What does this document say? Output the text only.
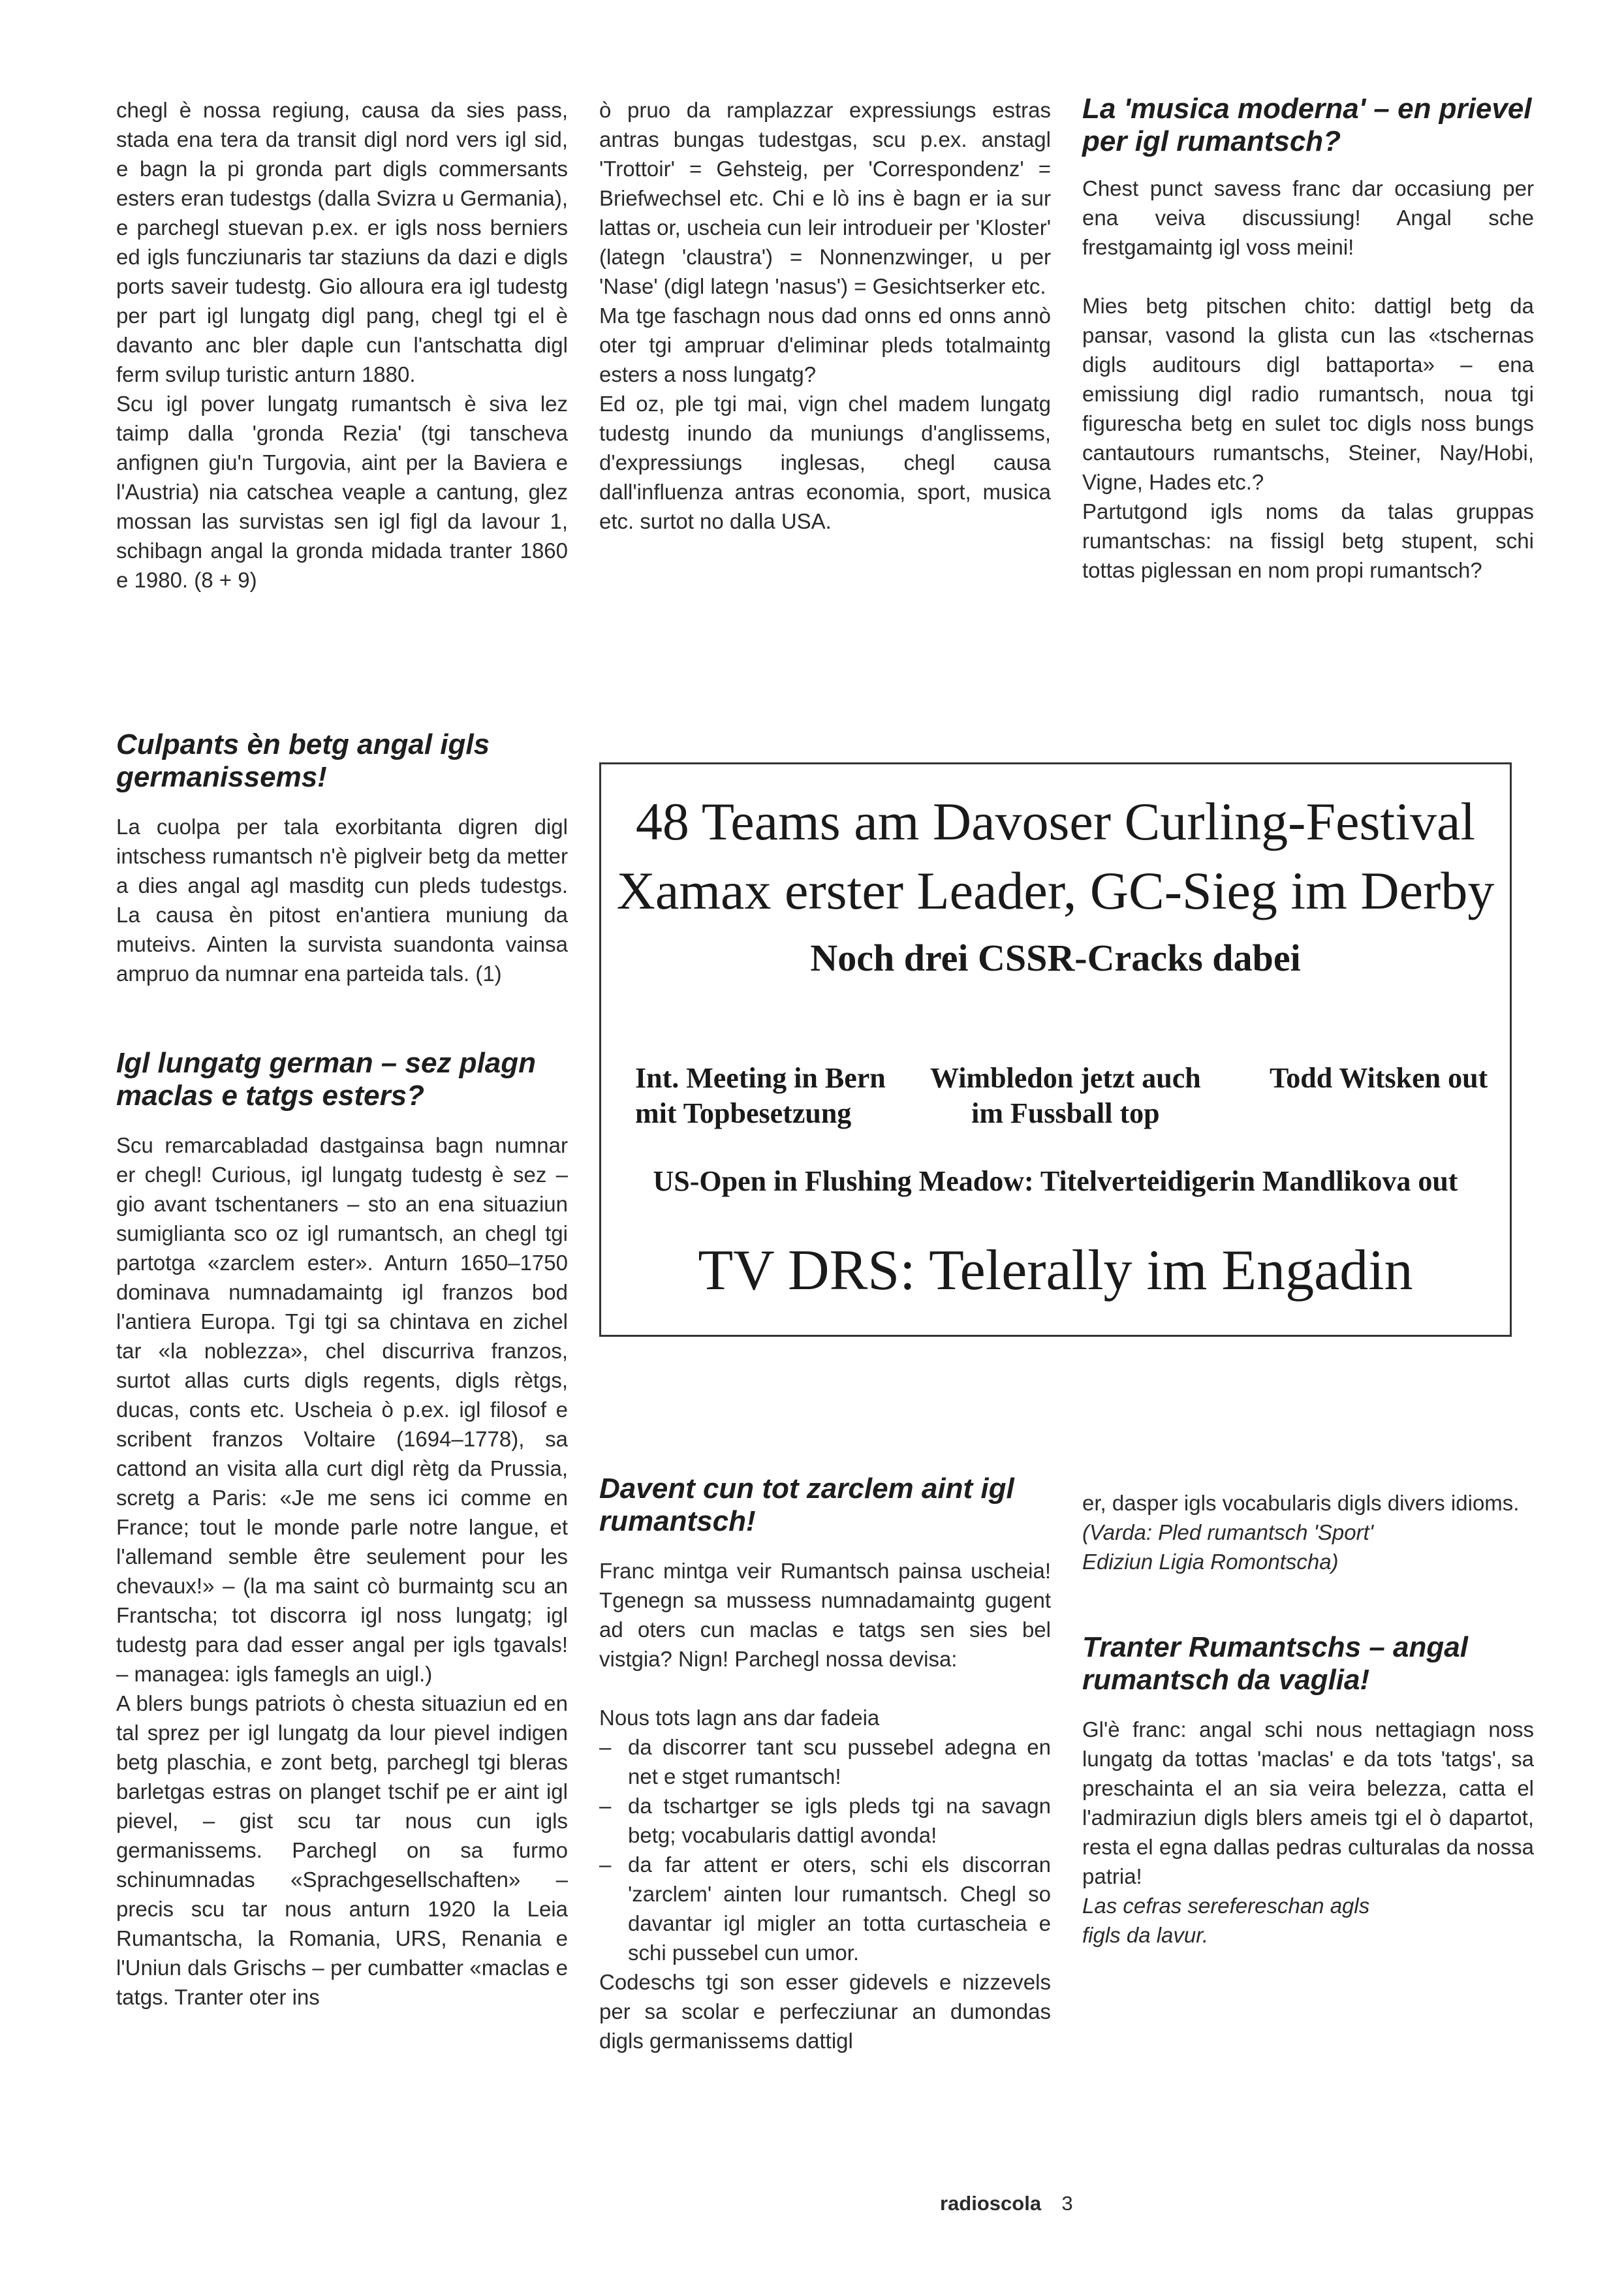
chegl è nossa regiung, causa da sies pass, stada ena tera da transit digl nord vers igl sid, e bagn la pi gronda part digls commersants esters eran tudestgs (dalla Svizra u Germania), e parchegl stuevan p.ex. er igls noss berniers ed igls funcziunaris tar staziuns da dazi e digls ports saveir tudestg. Gio alloura era igl tudestg per part igl lungatg digl pang, chegl tgi el è davanto anc bler daple cun l'antschatta digl ferm svilup turistic anturn 1880.

Scu igl pover lungatg rumantsch è siva lez taimp dalla 'gronda Rezia' (tgi tanscheva anfignen giu'n Turgovia, aint per la Baviera e l'Austria) nia catschea veaple a cantung, glez mossan las survistas sen igl figl da lavour 1, schibagn angal la gronda midada tranter 1860 e 1980. (8 + 9)

ò pruo da ramplazzar expressiungs estras antras bungas tudestgas, scu p.ex. anstagl 'Trottoir' = Gehsteig, per 'Correspondenz' = Briefwechsel etc. Chi e lò ins è bagn er ia sur lattas or, uscheia cun leir introdueir per 'Kloster' (lategn 'claustra') = Nonnenzwinger, u per 'Nase' (digl lategn 'nasus') = Gesichtserker etc.

Ma tge faschagn nous dad onns ed onns annò oter tgi ampruar d'eliminar pleds totalmaintg esters a noss lungatg?

Ed oz, ple tgi mai, vign chel madem lungatg tudestg inundo da muniungs d'anglissems, d'expressiungs inglesas, chegl causa dall'influenza antras economia, sport, musica etc. surtot no dalla USA.

La 'musica moderna' – en prievel per igl rumantsch?

Chest punct savess franc dar occasiung per ena veiva discussiung! Angal sche frestgamaintg igl voss meini!

Mies betg pitschen chito: dattigl betg da pansar, vasond la glista cun las «tschernas digls auditours digl battaporta» – ena emissiung digl radio rumantsch, noua tgi figurescha betg en sulet toc digls noss bungs cantautours rumantschs, Steiner, Nay/Hobi, Vigne, Hades etc.?

Partutgond igls noms da talas gruppas rumantschas: na fissigl betg stupent, schi tottas piglessan en nom propi rumantsch?

Culpants èn betg angal igls germanissems!

La cuolpa per tala exorbitanta digren digl intschess rumantsch n'è piglveir betg da metter a dies angal agl masditg cun pleds tudestgs. La causa èn pitost en'antiera muniung da muteivs. Ainten la survista suandonta vainsa ampruo da numnar ena parteida tals. (1)

Igl lungatg german – sez plagn maclas e tatgs esters?

Scu remarcabladad dastgainsa bagn numnar er chegl! Curious, igl lungatg tudestg è sez – gio avant tschentaners – sto an ena situaziun sumiglianta sco oz igl rumantsch, an chegl tgi partotga «zarclem ester». Anturn 1650–1750 dominava numnadamaintg igl franzos bod l'antiera Europa. Tgi tgi sa chintava en zichel tar «la noblezza», chel discurriva franzos, surtot allas curts digls regents, digls rètgs, ducas, conts etc. Uscheia ò p.ex. igl filosof e scribent franzos Voltaire (1694–1778), sa cattond an visita alla curt digl rètg da Prussia, scretg a Paris: «Je me sens ici comme en France; tout le monde parle notre langue, et l'allemand semble être seulement pour les chevaux!» – (la ma saint cò burmaintg scu an Frantscha; tot discorra igl noss lungatg; igl tudestg para dad esser angal per igls tgavals! – managea: igls famegls an uigl.)

A blers bungs patriots ò chesta situaziun ed en tal sprez per igl lungatg da lour pievel indigen betg plaschia, e zont betg, parchegl tgi bleras barletgas estras on planget tschif pe er aint igl pievel, – gist scu tar nous cun igls germanissems. Parchegl on sa furmo schinumnadas «Sprachgesellschaften» – precis scu tar nous anturn 1920 la Leia Rumantscha, la Romania, URS, Renania e l'Uniun dals Grischs – per cumbatter «maclas e tatgs. Tranter oter ins

48 Teams am Davoser Curling-Festival
Xamax erster Leader, GC-Sieg im Derby
Noch drei CSSR-Cracks dabei
Int. Meeting in Bern
mit Topbesetzung
Wimbledon jetzt auch
im Fussball top
Todd Witsken out
US-Open in Flushing Meadow: Titelverteidigerin Mandlikova out
TV DRS: Telerally im Engadin
Davent cun tot zarclem aint igl rumantsch!

Franc mintga veir Rumantsch painsa uscheia! Tgenegn sa mussess numnadamaintg gugent ad oters cun maclas e tatgs sen sies bel vistgia? Nign! Parchegl nossa devisa:

Nous tots lagn ans dar fadeia

– da discorrer tant scu pussebel adegna en net e stget rumantsch!
– da tschartger se igls pleds tgi na savagn betg; vocabularis dattigl avonda!
– da far attent er oters, schi els discorran 'zarclem' ainten lour rumantsch. Chegl so davantar igl migler an totta curtascheia e schi pussebel cun umor.

Codeschs tgi son esser gidevels e nizzevels per sa scolar e perfecziunar an dumondas digls germanissems dattigl

er, dasper igls vocabularis digls divers idioms.

(Varda: Pled rumantsch 'Sport'

Ediziun Ligia Romontscha)

Tranter Rumantschs – angal rumantsch da vaglia!

Gl'è franc: angal schi nous nettagiagn noss lungatg da tottas 'maclas' e da tots 'tatgs', sa preschainta el an sia veira belezza, catta el l'admiraziun digls blers ameis tgi el ò dapartot, resta el egna dallas pedras culturalas da nossa patria!

Las cefras serefereschan agls

figls da lavur.

radioscola 3
